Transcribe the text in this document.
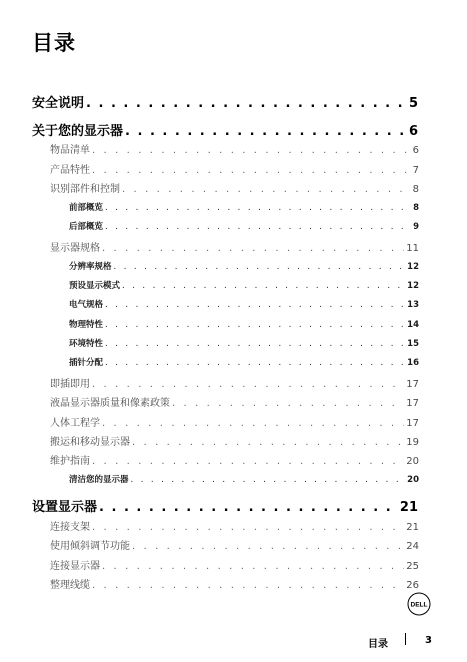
目录
安全说明 . . .	5
关于您的显示器 . . .	6
物品清单 . . .	6
产品特性 . . .	7
识别部件和控制 . . .	8
前部概览 . . .	8
后部概览 . . .	9
显示器规格 . . .	11
分辨率规格 . . .	12
预设显示模式 . . .	12
电气规格 . . .	13
物理特性 . . .	14
环境特性 . . .	15
插针分配 . . .	16
即插即用 . . .	17
液晶显示器质量和像素政策 . . .	17
人体工程学 . . .	17
搬运和移动显示器 . . .	19
维护指南 . . .	20
清洁您的显示器 . . .	20
设置显示器 . . .	21
连接支架 . . .	21
使用倾斜调节功能 . . .	24
连接显示器 . . .	25
整理线缆 . . .	26
DELL
目录	3
